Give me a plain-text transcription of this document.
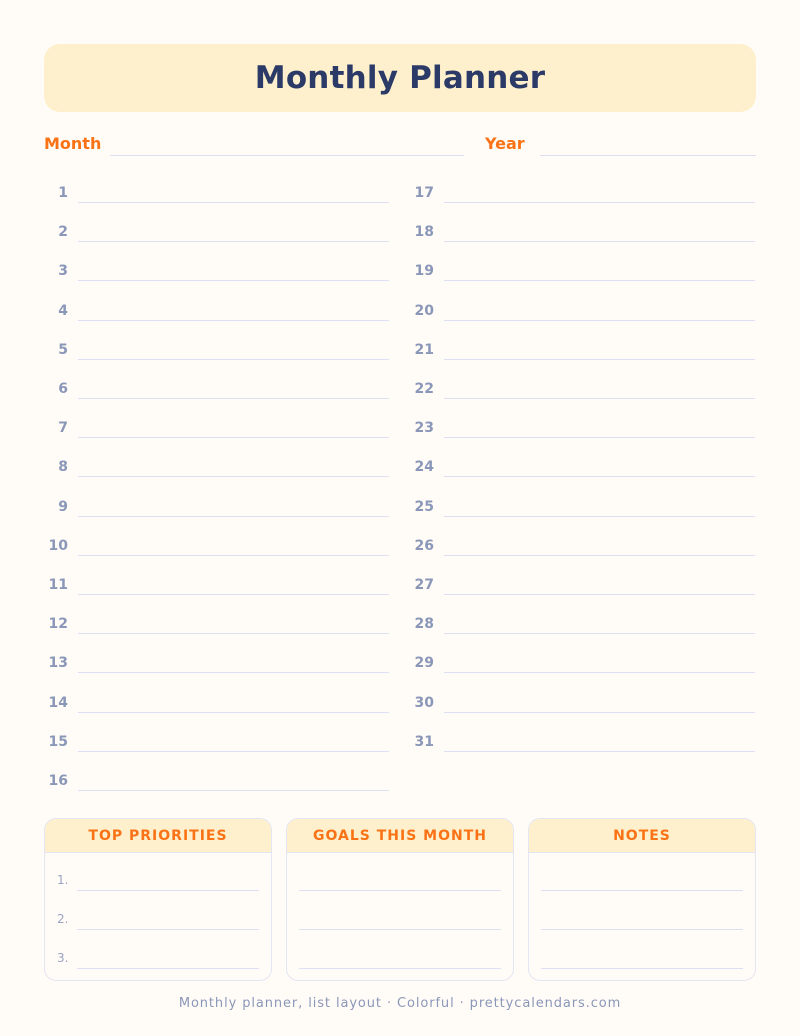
Monthly Planner
Month	Year
1
2
3
4
5
6
7
8
9
10
11
12
13
14
15
16
17
18
19
20
21
22
23
24
25
26
27
28
29
30
31
TOP PRIORITIES
1.
2.
3.
GOALS THIS MONTH	NOTES
Monthly planner, list layout · Colorful · prettycalendars.com
